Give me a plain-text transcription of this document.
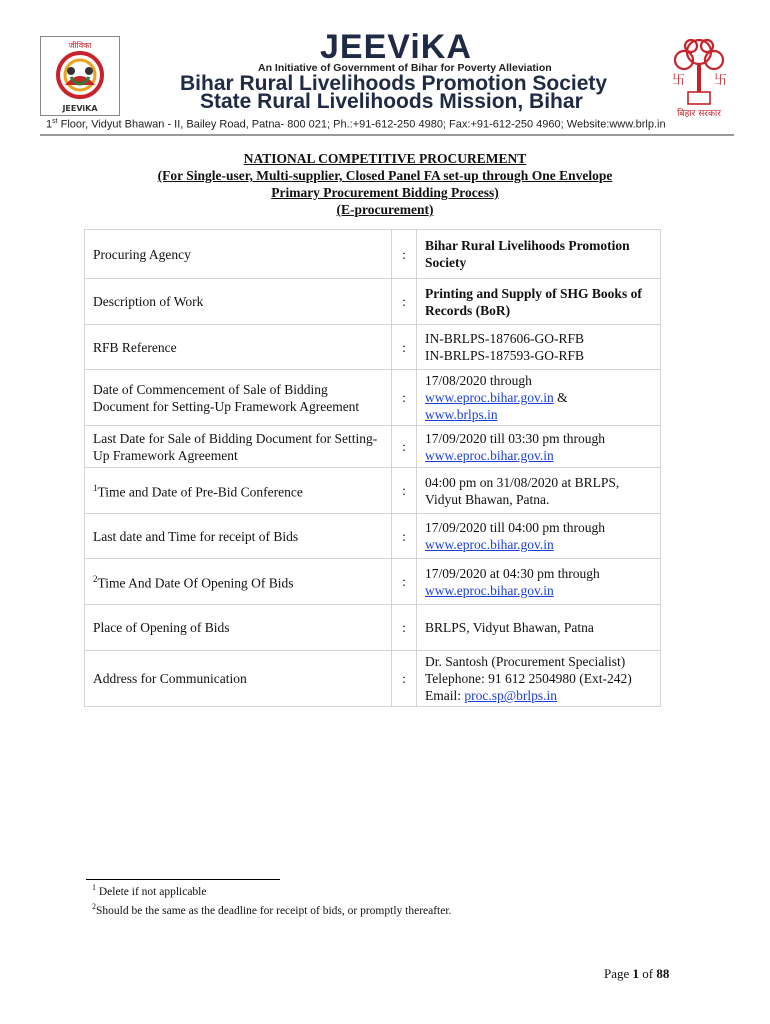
जीविका
JEEViKA
JEEViKA
An Initiative of Government of Bihar for Poverty Alleviation
Bihar Rural Livelihoods Promotion Society
State Rural Livelihoods Mission, Bihar
卐 卐
बिहार सरकार
1st Floor, Vidyut Bhawan - II, Bailey Road, Patna- 800 021; Ph.:+91-612-250 4980; Fax:+91-612-250 4960; Website:www.brlp.in
NATIONAL COMPETITIVE PROCUREMENT
(For Single-user, Multi-supplier, Closed Panel FA set-up through One Envelope
Primary Procurement Bidding Process)
(E-procurement)
Procuring Agency	:	Bihar Rural Livelihoods Promotion Society
Description of Work	:	Printing and Supply of SHG Books of Records (BoR)
RFB Reference	:	IN-BRLPS-187606-GO-RFB
IN-BRLPS-187593-GO-RFB

Date of Commencement of Sale of Bidding Document for Setting-Up Framework Agreement	:	17/08/2020 through
www.eproc.bihar.gov.in &
www.brlps.in

Last Date for Sale of Bidding Document for Setting-Up Framework Agreement	:	17/09/2020 till 03:30 pm through
www.eproc.bihar.gov.in

$^1$Time and Date of Pre-Bid Conference	:	04:00 pm on 31/08/2020 at BRLPS, Vidyut Bhawan, Patna.
Last date and Time for receipt of Bids	:	17/09/2020 till 04:00 pm through
www.eproc.bihar.gov.in

$^2$Time And Date Of Opening Of Bids	:	17/09/2020 at 04:30 pm through
www.eproc.bihar.gov.in

Place of Opening of Bids	:	BRLPS, Vidyut Bhawan, Patna
Address for Communication	:	Dr. Santosh (Procurement Specialist)
Telephone: 91 612 2504980 (Ext-242)
Email: proc.sp@brlps.in
$^1$ Delete if not applicable
$^2$Should be the same as the deadline for receipt of bids, or promptly thereafter.
Page 1 of 88
